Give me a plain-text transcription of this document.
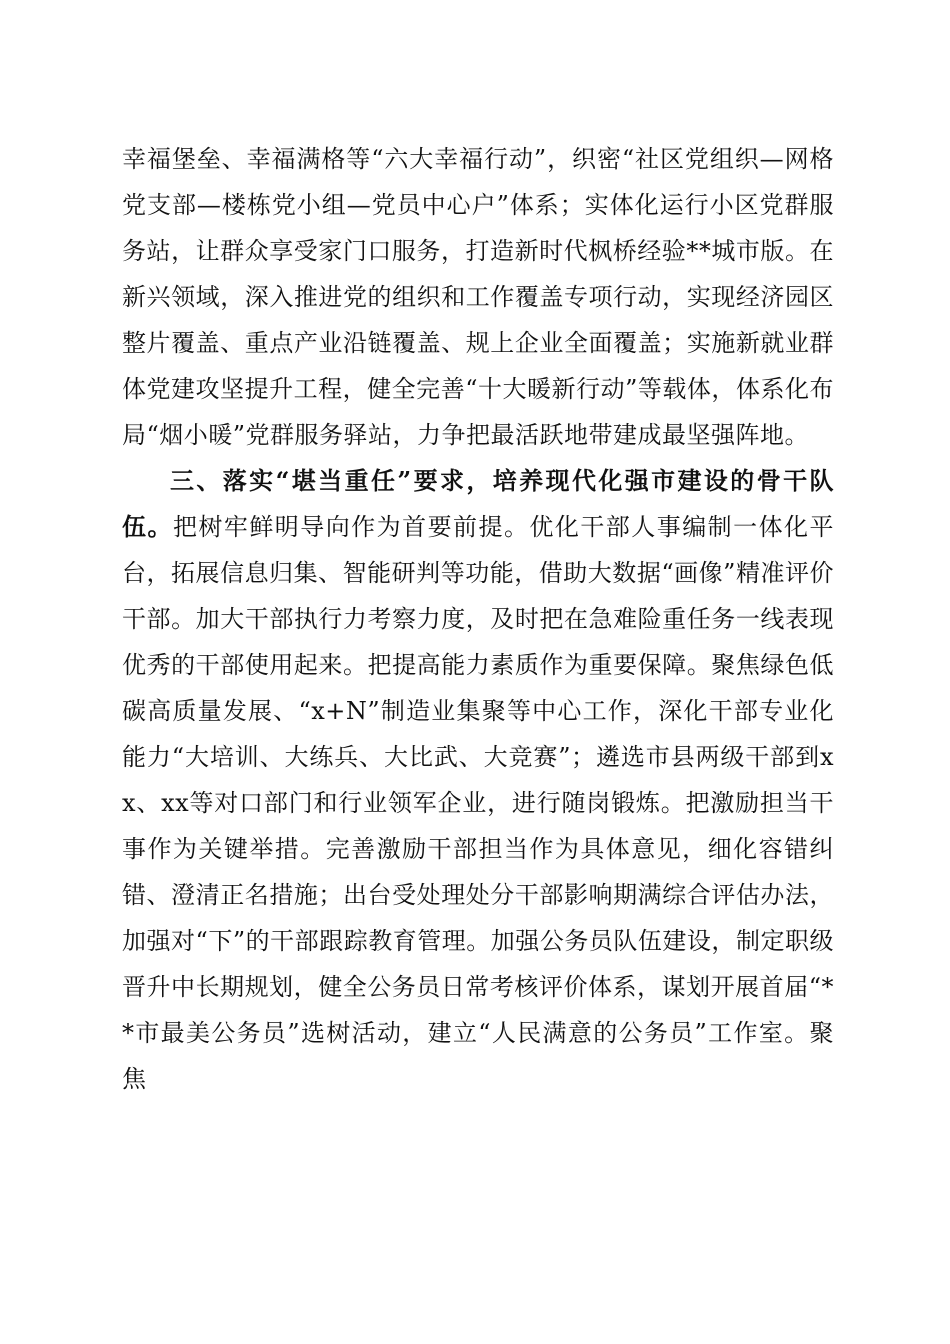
幸福堡垒、幸福满格等“六大幸福行动”，织密“社区党组织—网格党支部—楼栋党小组—党员中心户”体系；实体化运行小区党群服务站，让群众享受家门口服务，打造新时代枫桥经验**城市版。在新兴领域，深入推进党的组织和工作覆盖专项行动，实现经济园区整片覆盖、重点产业沿链覆盖、规上企业全面覆盖；实施新就业群体党建攻坚提升工程，健全完善“十大暖新行动”等载体，体系化布局“烟小暖”党群服务驿站，力争把最活跃地带建成最坚强阵地。

三、落实“堪当重任”要求，培养现代化强市建设的骨干队伍。把树牢鲜明导向作为首要前提。优化干部人事编制一体化平台，拓展信息归集、智能研判等功能，借助大数据“画像”精准评价干部。加大干部执行力考察力度，及时把在急难险重任务一线表现优秀的干部使用起来。把提高能力素质作为重要保障。聚焦绿色低碳高质量发展、“x+N”制造业集聚等中心工作，深化干部专业化能力“大培训、大练兵、大比武、大竞赛”；遴选市县两级干部到xx、xx等对口部门和行业领军企业，进行随岗锻炼。把激励担当干事作为关键举措。完善激励干部担当作为具体意见，细化容错纠错、澄清正名措施；出台受处理处分干部影响期满综合评估办法，加强对“下”的干部跟踪教育管理。加强公务员队伍建设，制定职级晋升中长期规划，健全公务员日常考核评价体系，谋划开展首届“**市最美公务员”选树活动，建立“人民满意的公务员”工作室。聚焦
